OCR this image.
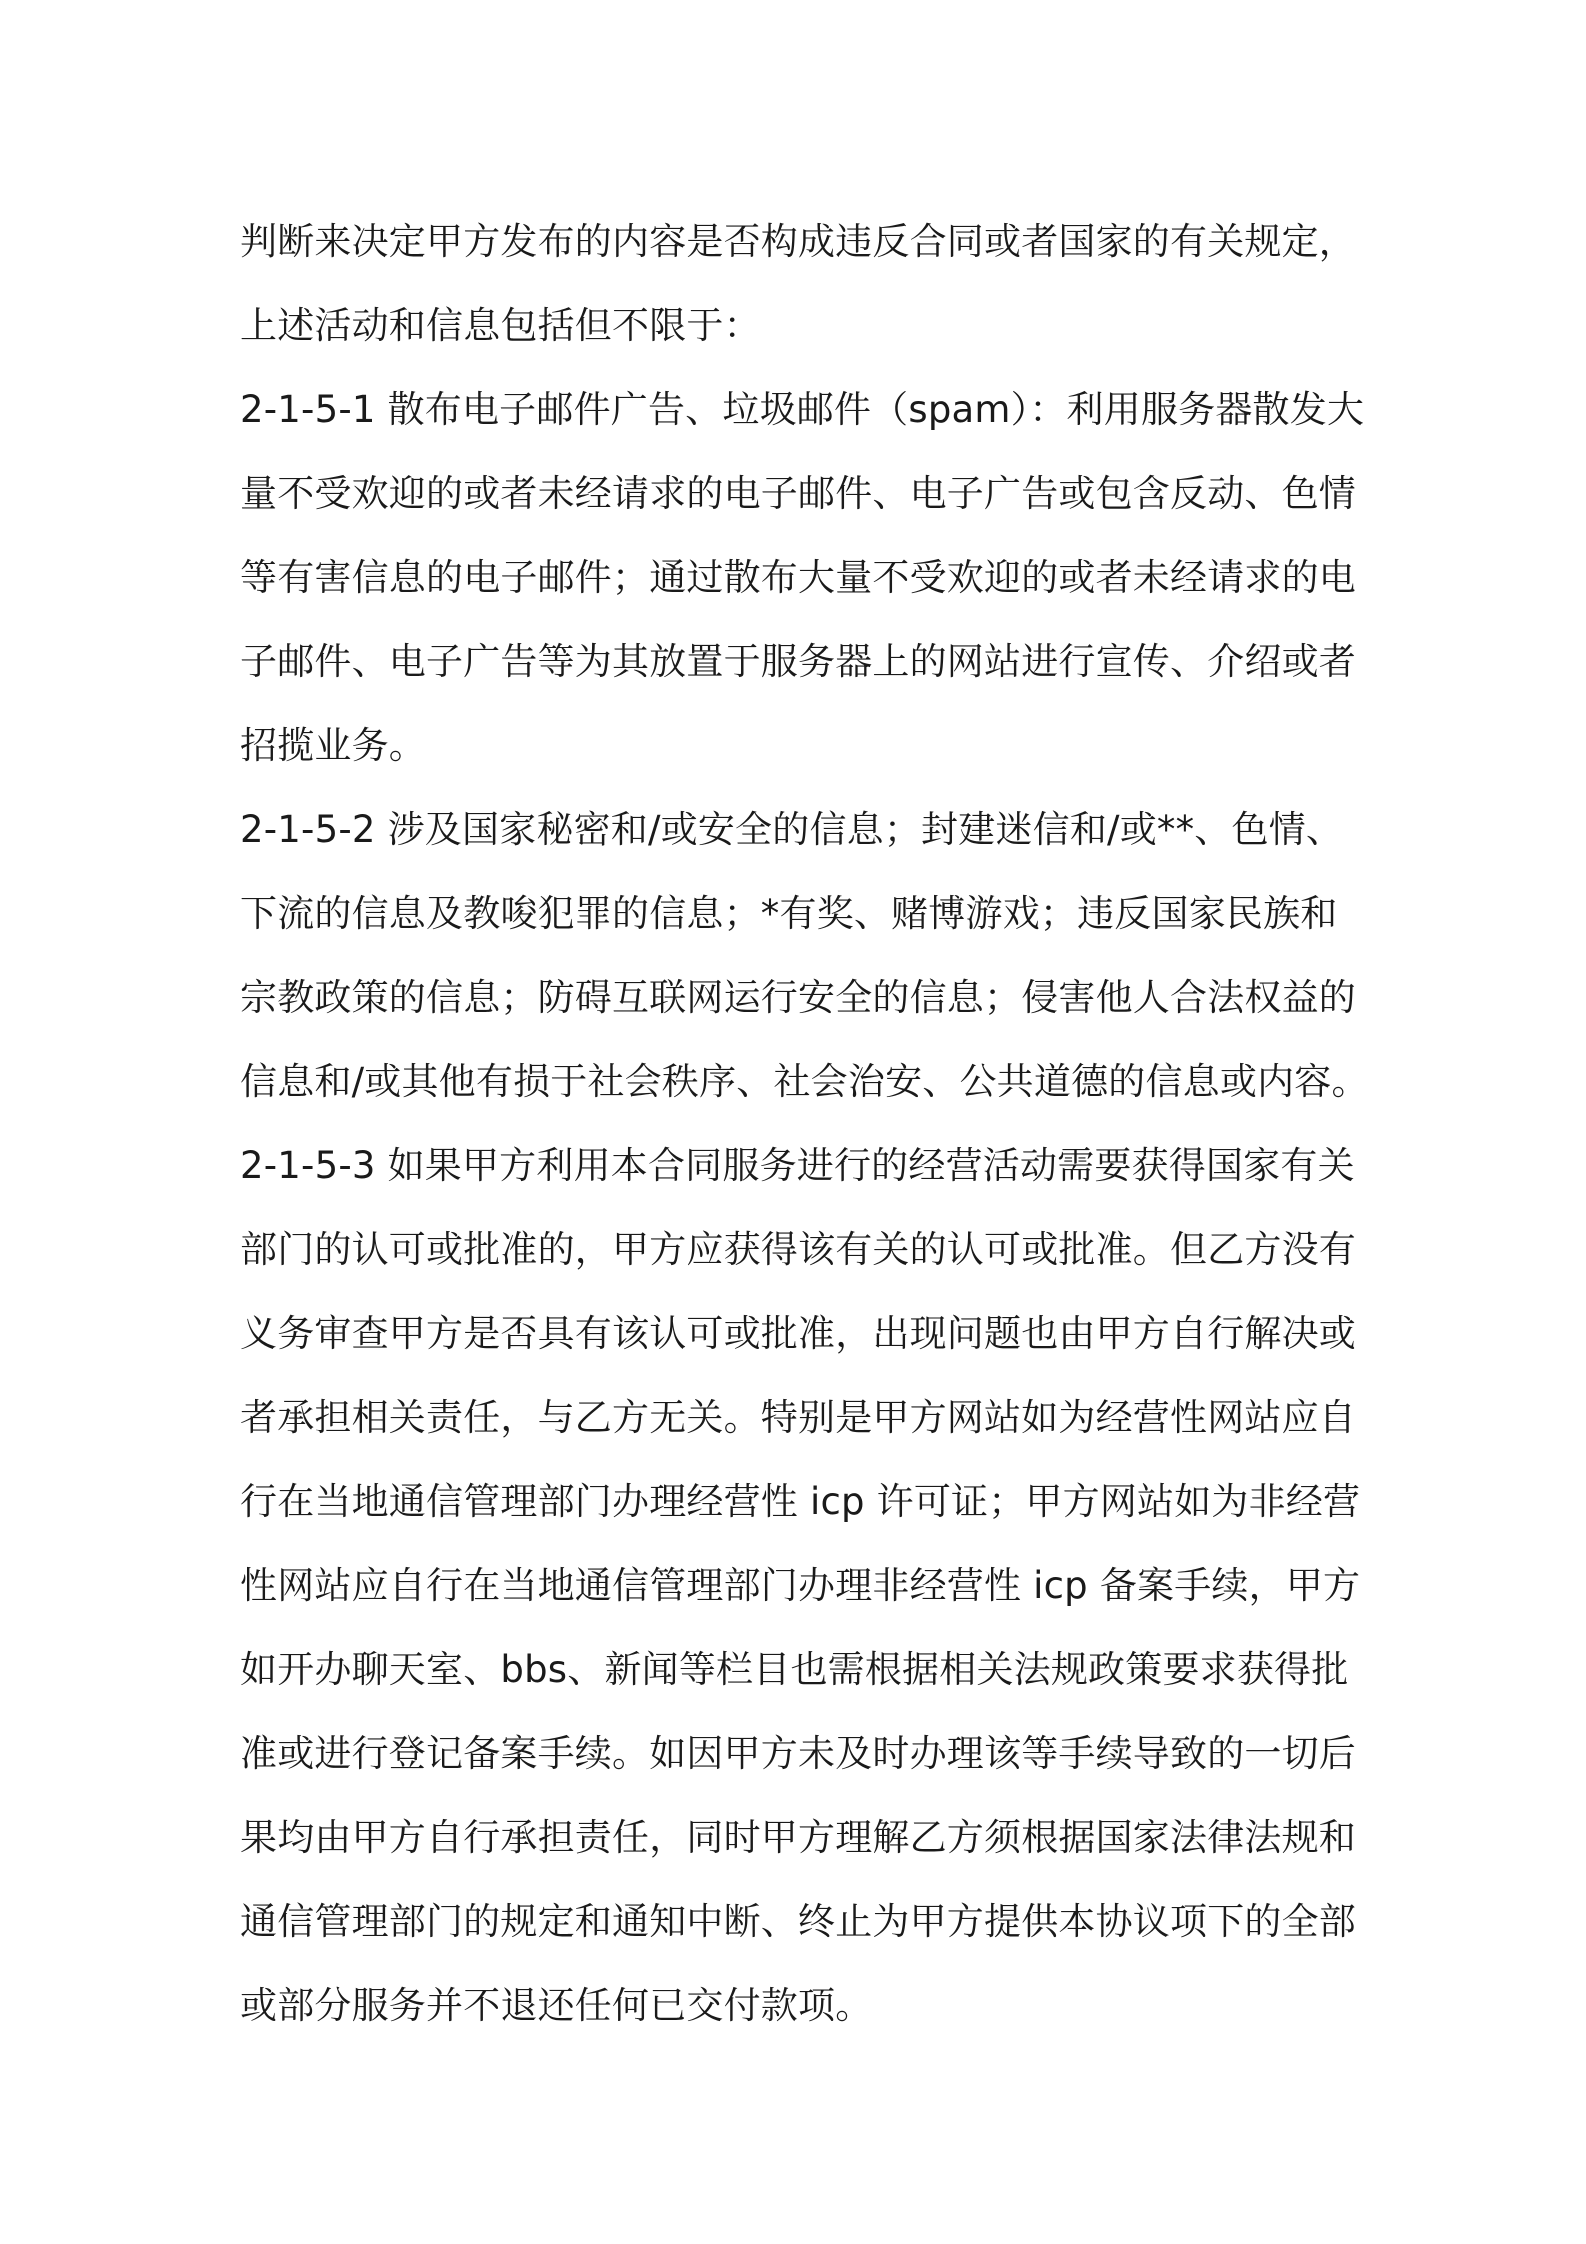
判断来决定甲方发布的内容是否构成违反合同或者国家的有关规定，
上述活动和信息包括但不限于：
2-1-5-1 散布电子邮件广告、垃圾邮件（spam）：利用服务器散发大
量不受欢迎的或者未经请求的电子邮件、电子广告或包含反动、色情
等有害信息的电子邮件；通过散布大量不受欢迎的或者未经请求的电
子邮件、电子广告等为其放置于服务器上的网站进行宣传、介绍或者
招揽业务。
2-1-5-2 涉及国家秘密和/或安全的信息；封建迷信和/或**、色情、
下流的信息及教唆犯罪的信息；*有奖、赌博游戏；违反国家民族和
宗教政策的信息；防碍互联网运行安全的信息；侵害他人合法权益的
信息和/或其他有损于社会秩序、社会治安、公共道德的信息或内容。
2-1-5-3 如果甲方利用本合同服务进行的经营活动需要获得国家有关
部门的认可或批准的，甲方应获得该有关的认可或批准。但乙方没有
义务审查甲方是否具有该认可或批准，出现问题也由甲方自行解决或
者承担相关责任，与乙方无关。特别是甲方网站如为经营性网站应自
行在当地通信管理部门办理经营性 icp 许可证；甲方网站如为非经营
性网站应自行在当地通信管理部门办理非经营性 icp 备案手续，甲方
如开办聊天室、bbs、新闻等栏目也需根据相关法规政策要求获得批
准或进行登记备案手续。如因甲方未及时办理该等手续导致的一切后
果均由甲方自行承担责任，同时甲方理解乙方须根据国家法律法规和
通信管理部门的规定和通知中断、终止为甲方提供本协议项下的全部
或部分服务并不退还任何已交付款项。
